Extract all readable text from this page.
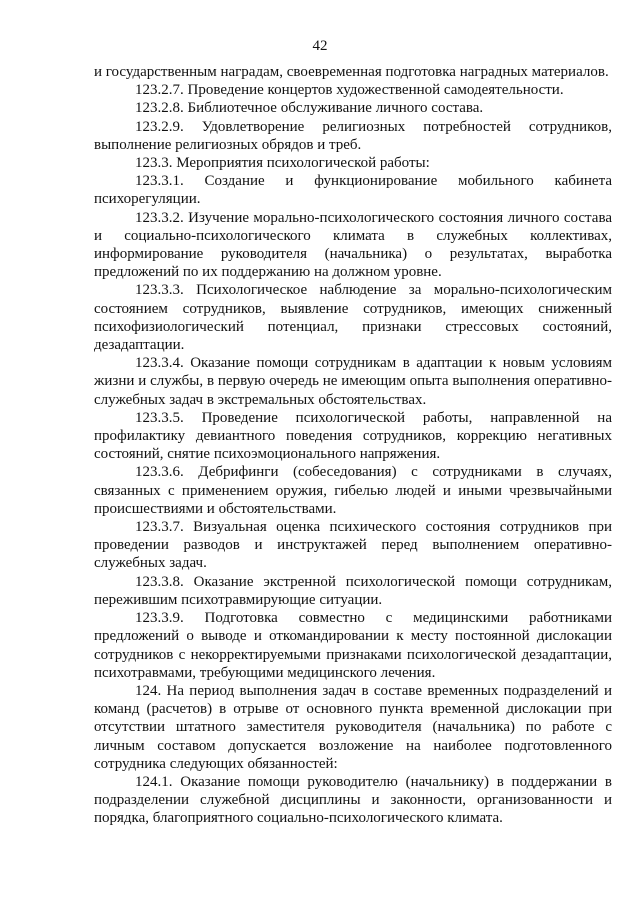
42

и государственным наградам, своевременная подготовка наградных материалов.

123.2.7. Проведение концертов художественной самодеятельности.

123.2.8. Библиотечное обслуживание личного состава.

123.2.9. Удовлетворение религиозных потребностей сотрудников, выполнение религиозных обрядов и треб.

123.3. Мероприятия психологической работы:

123.3.1. Создание и функционирование мобильного кабинета психорегуляции.

123.3.2. Изучение морально-психологического состояния личного состава и социально-психологического климата в служебных коллективах, информирование руководителя (начальника) о результатах, выработка предложений по их поддержанию на должном уровне.

123.3.3. Психологическое наблюдение за морально-психологическим состоянием сотрудников, выявление сотрудников, имеющих сниженный психофизиологический потенциал, признаки стрессовых состояний, дезадаптации.

123.3.4. Оказание помощи сотрудникам в адаптации к новым условиям жизни и службы, в первую очередь не имеющим опыта выполнения оперативно-служебных задач в экстремальных обстоятельствах.

123.3.5. Проведение психологической работы, направленной на профилактику девиантного поведения сотрудников, коррекцию негативных состояний, снятие психоэмоционального напряжения.

123.3.6. Дебрифинги (собеседования) с сотрудниками в случаях, связанных с применением оружия, гибелью людей и иными чрезвычайными происшествиями и обстоятельствами.

123.3.7. Визуальная оценка психического состояния сотрудников при проведении разводов и инструктажей перед выполнением оперативно-служебных задач.

123.3.8. Оказание экстренной психологической помощи сотрудникам, пережившим психотравмирующие ситуации.

123.3.9. Подготовка совместно с медицинскими работниками предложений о выводе и откомандировании к месту постоянной дислокации сотрудников с некорректируемыми признаками психологической дезадаптации, психотравмами, требующими медицинского лечения.

124. На период выполнения задач в составе временных подразделений и команд (расчетов) в отрыве от основного пункта временной дислокации при отсутствии штатного заместителя руководителя (начальника) по работе с личным составом допускается возложение на наиболее подготовленного сотрудника следующих обязанностей:

124.1. Оказание помощи руководителю (начальнику) в поддержании в подразделении служебной дисциплины и законности, организованности и порядка, благоприятного социально-психологического климата.
